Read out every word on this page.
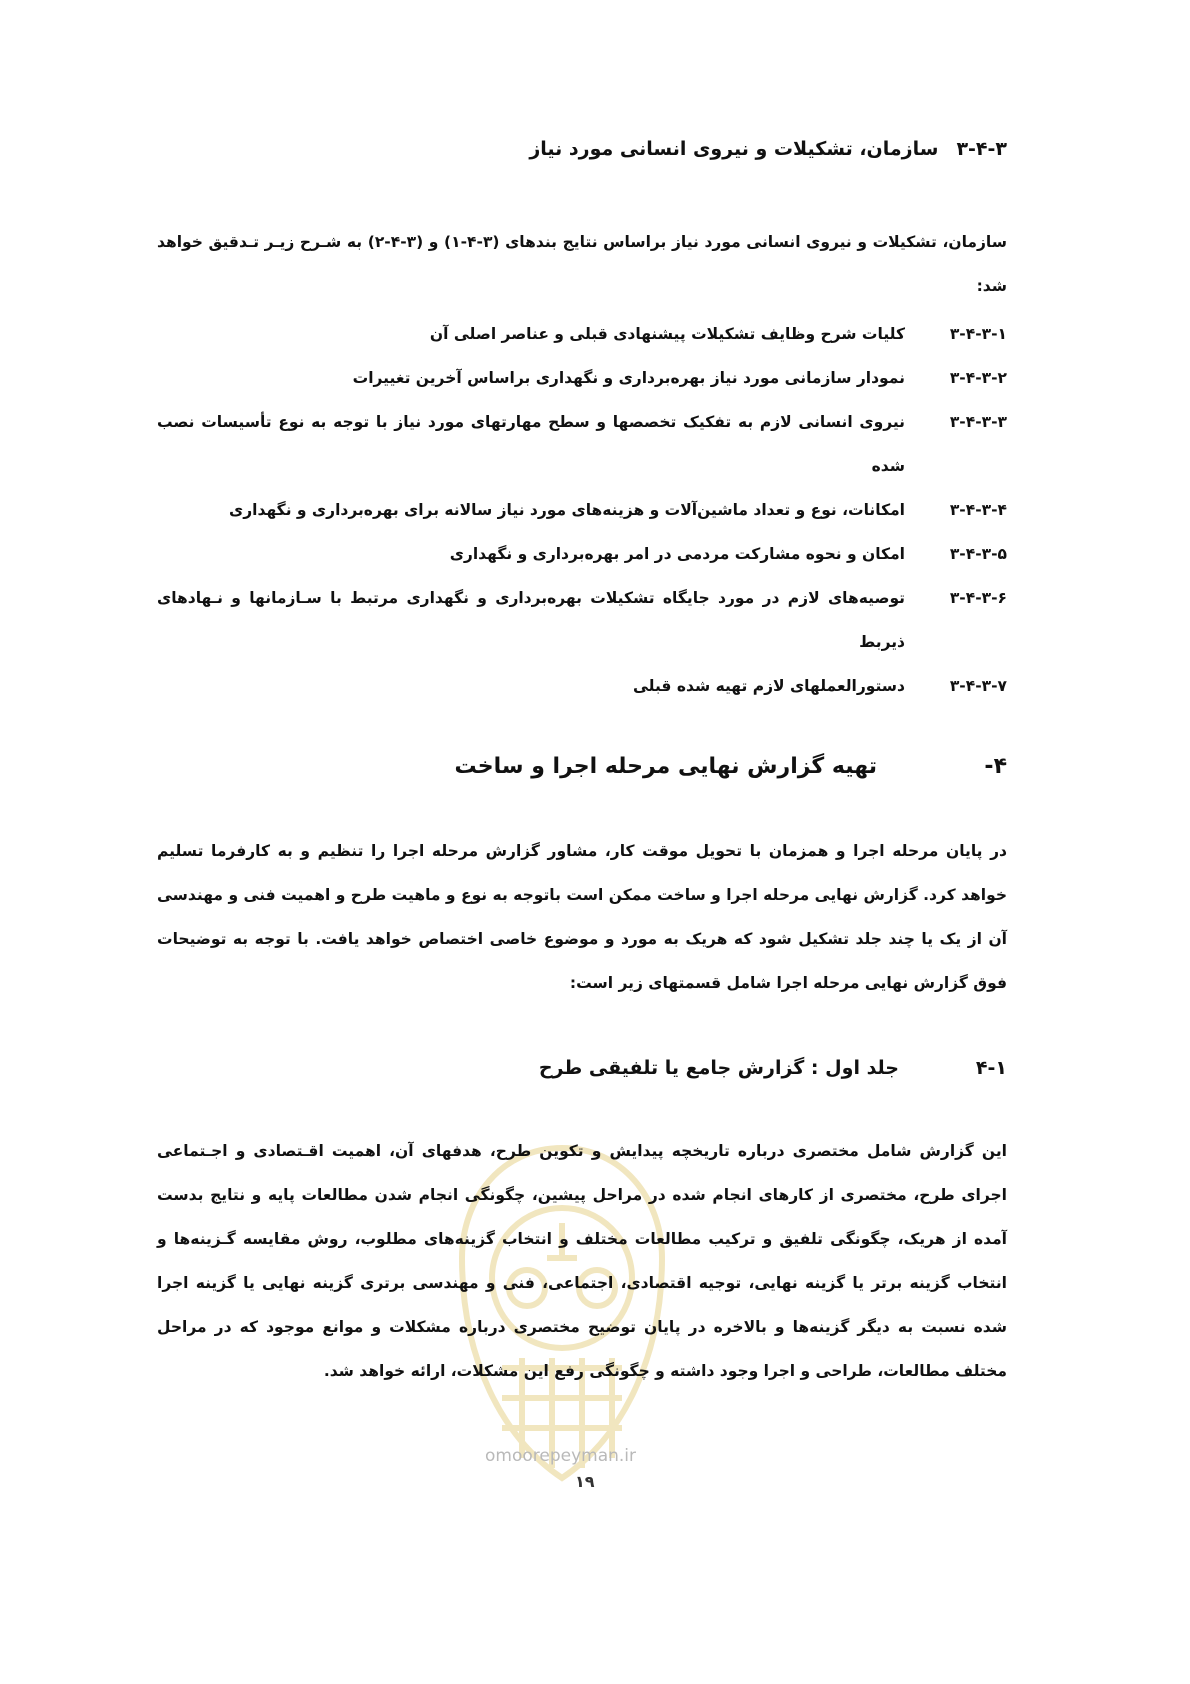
۳-۴-۳
سازمان، تشکیلات و نیروی انسانی مورد نیاز

سازمان، تشکیلات و نیروی انسانی مورد نیاز براساس نتایج بندهای (۳-۴-۱) و (۳-۴-۲) به شـرح زیـر تـدقیق خواهد شد:

۳-۴-۳-۱
کلیات شرح وظایف تشکیلات پیشنهادی قبلی و عناصر اصلی آن
۳-۴-۳-۲
نمودار سازمانی مورد نیاز بهره‌برداری و نگهداری براساس آخرین تغییرات
۳-۴-۳-۳
نیروی انسانی لازم به تفکیک تخصصها و سطح مهارتهای مورد نیاز با توجه به نوع تأسیسات نصب شده
۳-۴-۳-۴
امکانات، نوع و تعداد ماشین‌آلات و هزینه‌های مورد نیاز سالانه برای بهره‌برداری و نگهداری
۳-۴-۳-۵
امکان و نحوه مشارکت مردمی در امر بهره‌برداری و نگهداری
۳-۴-۳-۶
توصیه‌های لازم در مورد جایگاه تشکیلات بهره‌برداری و نگهداری مرتبط با سـازمانها و نـهادهای ذیربط
۳-۴-۳-۷
دستورالعملهای لازم تهیه شده قبلی
۴-
تهیه گزارش نهایی مرحله اجرا و ساخت

در پایان مرحله اجرا و همزمان با تحویل موقت کار، مشاور گزارش مرحله اجرا را تنظیم و به کارفرما تسلیم خواهد کرد. گزارش نهایی مرحله اجرا و ساخت ممکن است باتوجه به نوع و ماهیت طرح و اهمیت فنی و مهندسی آن از یک یا چند جلد تشکیل شود که هریک به مورد و موضوع خاصی اختصاص خواهد یافت. با توجه به توضیحات فوق گزارش نهایی مرحله اجرا شامل قسمتهای زیر است:

۴-۱
جلد اول : گزارش جامع یا تلفیقی طرح

این گزارش شامل مختصری درباره تاریخچه پیدایش و تکوین طرح، هدفهای آن، اهمیت اقـتصادی و اجـتماعی اجرای طرح، مختصری از کارهای انجام شده در مراحل پیشین، چگونگی انجام شدن مطالعات پایه و نتایج بدست آمده از هریک، چگونگی تلفیق و ترکیب مطالعات مختلف و انتخاب گزینه‌های مطلوب، روش مقایسه گـزینه‌ها و انتخاب گزینه برتر یا گزینه نهایی، توجیه اقتصادی، اجتماعی، فنی و مهندسی برتری گزینه نهایی یا گزینه اجرا شده نسبت به دیگر گزینه‌ها و بالاخره در پایان توضیح مختصری درباره مشکلات و موانع موجود که در مراحل مختلف مطالعات، طراحی و اجرا وجود داشته و چگونگی رفع این مشکلات، ارائه خواهد شد.

omoorepeyman.ir
۱۹
